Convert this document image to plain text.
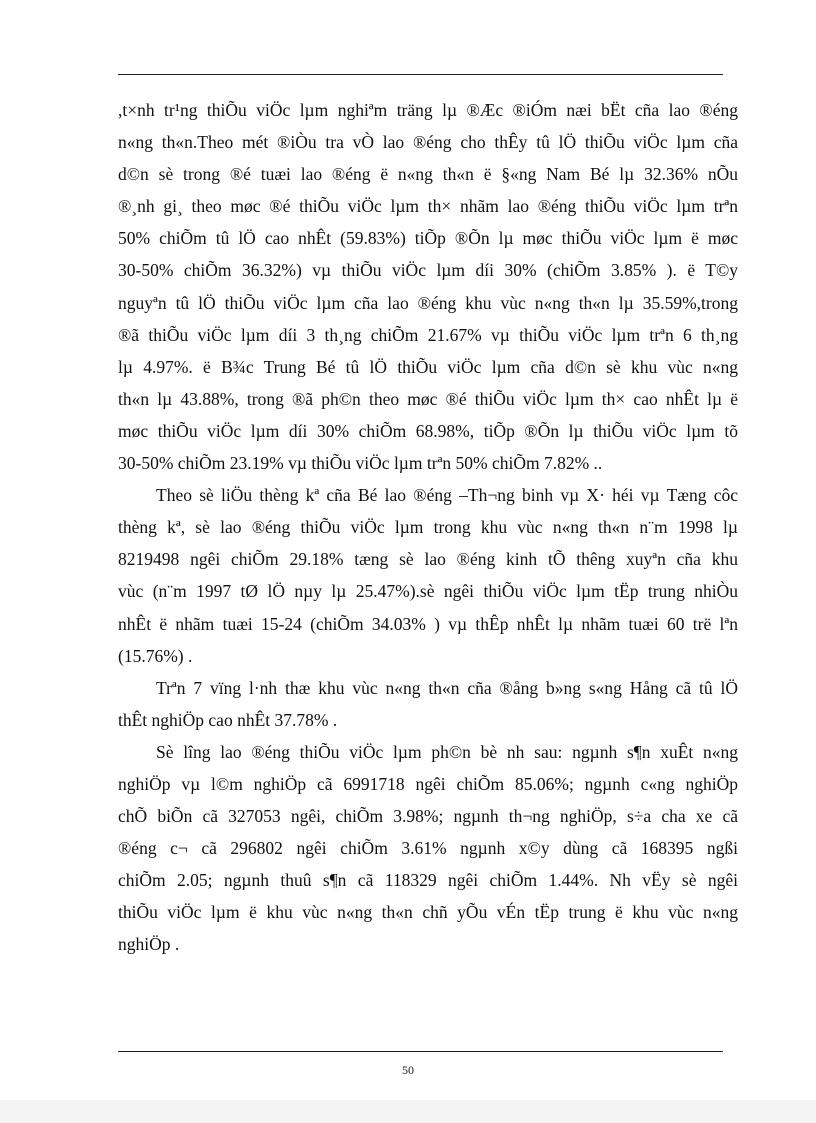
,t×nh tr¹ng thiÕu viÖc lµm nghiªm träng lµ ®Æc ®iÓm næi bËt cña lao ®éng
n«ng th«n.Theo mét ®iÒu tra vÒ lao ®éng cho thÊy tû lÖ thiÕu viÖc lµm cña
d©n sè trong ®é tuæi lao ®éng ë n«ng th«n ë §«ng Nam Bé lµ 32.36% nÕu
®¸nh gi¸ theo møc ®é thiÕu viÖc lµm th× nhãm lao ®éng thiÕu viÖc lµm trªn
50% chiÕm tû lÖ cao nhÊt (59.83%) tiÕp ®Õn lµ møc thiÕu viÖc lµm ë møc
30-50% chiÕm 36.32%) vµ thiÕu viÖc lµm díi 30% (chiÕm 3.85% ). ë T©y
nguyªn tû lÖ thiÕu viÖc lµm cña lao ®éng khu vùc n«ng th«n lµ 35.59%,trong
®ã thiÕu viÖc lµm díi 3 th¸ng chiÕm 21.67% vµ thiÕu viÖc lµm trªn 6 th¸ng
lµ 4.97%. ë B¾c Trung Bé tû lÖ thiÕu viÖc lµm cña d©n sè khu vùc n«ng
th«n lµ 43.88%, trong ®ã ph©n theo møc ®é thiÕu viÖc lµm th× cao nhÊt lµ ë
møc thiÕu viÖc lµm díi 30% chiÕm 68.98%, tiÕp ®Õn lµ thiÕu viÖc lµm tõ
30-50% chiÕm 23.19% vµ thiÕu viÖc lµm trªn 50% chiÕm 7.82% ..
Theo sè liÖu thèng kª cña Bé lao ®éng –Th¬ng binh vµ X· héi vµ Tæng côc
thèng kª, sè lao ®éng thiÕu viÖc lµm trong khu vùc n«ng th«n n¨m 1998 lµ
8219498 ngêi chiÕm 29.18% tæng sè lao ®éng kinh tÕ thêng xuyªn cña khu
vùc (n¨m 1997 tØ lÖ nµy lµ 25.47%).sè ngêi thiÕu viÖc lµm tËp trung nhiÒu
nhÊt ë nhãm tuæi 15-24 (chiÕm 34.03% ) vµ thÊp nhÊt lµ nhãm tuæi 60 trë lªn
(15.76%) .
Trªn 7 vïng l·nh thæ khu vùc n«ng th«n cña ®ång b»ng s«ng Hång cã tû lÖ
thÊt nghiÖp cao nhÊt 37.78% .
Sè lîng lao ®éng thiÕu viÖc lµm ph©n bè nh sau: ngµnh s¶n xuÊt n«ng
nghiÖp vµ l©m nghiÖp cã 6991718 ngêi chiÕm 85.06%; ngµnh c«ng nghiÖp
chÕ biÕn cã 327053 ngêi, chiÕm 3.98%; ngµnh th¬ng nghiÖp, s÷a cha xe cã
®éng c¬ cã 296802 ngêi chiÕm 3.61% ngµnh x©y dùng cã 168395 ngßi
chiÕm 2.05; ngµnh thuû s¶n cã 118329 ngêi chiÕm 1.44%. Nh vËy sè ngêi
thiÕu viÖc lµm ë khu vùc n«ng th«n chñ yÕu vÉn tËp trung ë khu vùc n«ng
nghiÖp .
50
